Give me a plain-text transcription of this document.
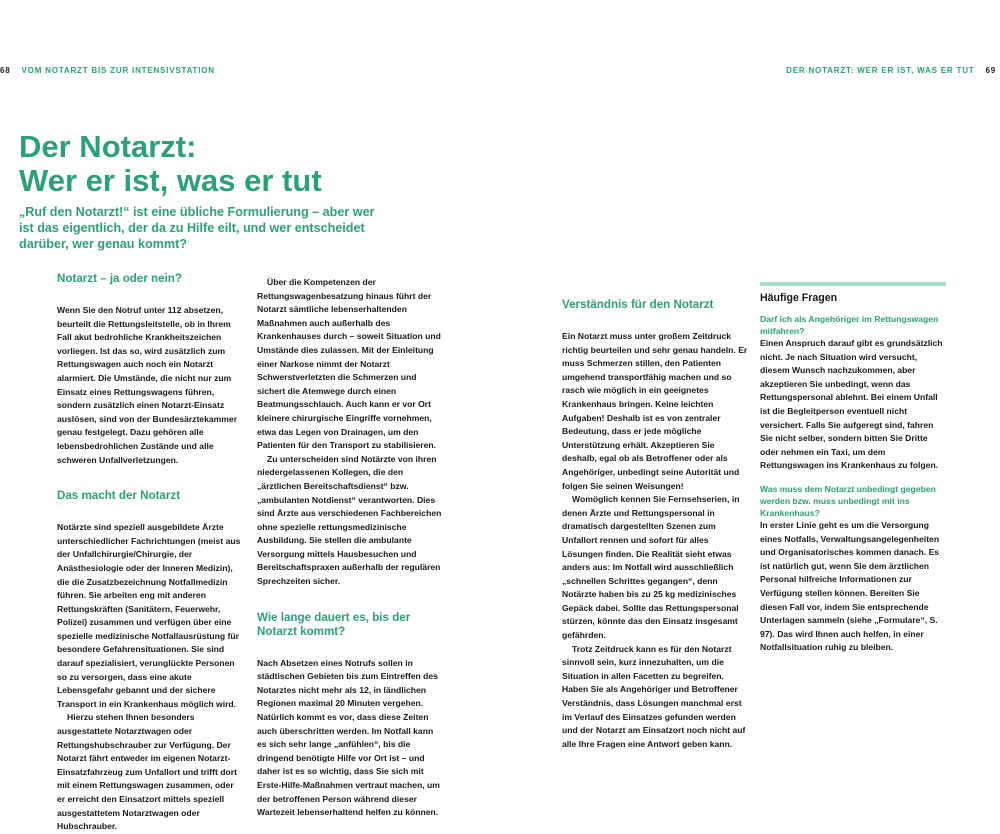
68 VOM NOTARZT BIS ZUR INTENSIVSTATION	DER NOTARZT: WER ER IST, WAS ER TUT 69
Der Notarzt:
Wer er ist, was er tut

„Ruf den Notarzt!“ ist eine übliche Formulierung – aber wer ist das eigentlich, der da zu Hilfe eilt, und wer entscheidet darüber, wer genau kommt?

Notarzt – ja oder nein?

Wenn Sie den Notruf unter 112 absetzen, beurteilt die Rettungsleitstelle, ob in Ihrem Fall akut bedrohliche Krankheitszeichen vorliegen. Ist das so, wird zusätzlich zum Rettungswagen auch noch ein Notarzt alarmiert. Die Umstände, die nicht nur zum Einsatz eines Rettungswagens führen, sondern zusätzlich einen Notarzt-Einsatz auslösen, sind von der Bundesärztekammer genau festgelegt. Dazu gehören alle lebensbedrohlichen Zustände und alle schweren Unfallverletzungen.

Das macht der Notarzt

Notärzte sind speziell ausgebildete Ärzte unterschiedlicher Fachrichtungen (meist aus der Unfallchirurgie/Chirurgie, der Anästhesiologie oder der Inneren Medizin), die die Zusatzbezeichnung Notfallmedizin führen. Sie arbeiten eng mit anderen Rettungskräften (Sanitätern, Feuerwehr, Polizei) zusammen und verfügen über eine spezielle medizinische Notfallausrüstung für besondere Gefahrensituationen. Sie sind darauf spezialisiert, verunglückte Personen so zu versorgen, dass eine akute Lebensgefahr gebannt und der sichere Transport in ein Krankenhaus möglich wird.

Hierzu stehen Ihnen besonders ausgestattete Notarztwagen oder Rettungshubschrauber zur Verfügung. Der Notarzt fährt entweder im eigenen Notarzt-Einsatzfahrzeug zum Unfallort und trifft dort mit einem Rettungswagen zusammen, oder er erreicht den Einsatzort mittels speziell ausgestattetem Notarztwagen oder Hubschrauber.

Über die Kompetenzen der Rettungswagenbesatzung hinaus führt der Notarzt sämtliche lebenserhaltenden Maßnahmen auch außerhalb des Krankenhauses durch – soweit Situation und Umstände dies zulassen. Mit der Einleitung einer Narkose nimmt der Notarzt Schwerstverletzten die Schmerzen und sichert die Atemwege durch einen Beatmungsschlauch. Auch kann er vor Ort kleinere chirurgische Eingriffe vornehmen, etwa das Legen von Drainagen, um den Patienten für den Transport zu stabilisieren.

Zu unterscheiden sind Notärzte von ihren niedergelassenen Kollegen, die den „ärztlichen Bereitschaftsdienst“ bzw. „ambulanten Notdienst“ verantworten. Dies sind Ärzte aus verschiedenen Fachbereichen ohne spezielle rettungsmedizinische Ausbildung. Sie stellen die ambulante Versorgung mittels Hausbesuchen und Bereitschaftspraxen außerhalb der regulären Sprechzeiten sicher.

Wie lange dauert es, bis der Notarzt kommt?

Nach Absetzen eines Notrufs sollen in städtischen Gebieten bis zum Eintreffen des Notarztes nicht mehr als 12, in ländlichen Regionen maximal 20 Minuten vergehen. Natürlich kommt es vor, dass diese Zeiten auch überschritten werden. Im Notfall kann es sich sehr lange „anfühlen“, bis die dringend benötigte Hilfe vor Ort ist – und daher ist es so wichtig, dass Sie sich mit Erste-Hilfe-Maßnahmen vertraut machen, um der betroffenen Person während dieser Wartezeit lebenserhaltend helfen zu können.

Verständnis für den Notarzt

Ein Notarzt muss unter großem Zeitdruck richtig beurteilen und sehr genau handeln. Er muss Schmerzen stillen, den Patienten umgehend transportfähig machen und so rasch wie möglich in ein geeignetes Krankenhaus bringen. Keine leichten Aufgaben! Deshalb ist es von zentraler Bedeutung, dass er jede mögliche Unterstützung erhält. Akzeptieren Sie deshalb, egal ob als Betroffener oder als Angehöriger, unbedingt seine Autorität und folgen Sie seinen Weisungen!

Womöglich kennen Sie Fernsehserien, in denen Ärzte und Rettungspersonal in dramatisch dargestellten Szenen zum Unfallort rennen und sofort für alles Lösungen finden. Die Realität sieht etwas anders aus: Im Notfall wird ausschließlich „schnellen Schrittes gegangen“, denn Notärzte haben bis zu 25 kg medizinisches Gepäck dabei. Sollte das Rettungspersonal stürzen, könnte das den Einsatz insgesamt gefährden.

Trotz Zeitdruck kann es für den Notarzt sinnvoll sein, kurz innezuhalten, um die Situation in allen Facetten zu begreifen. Haben Sie als Angehöriger und Betroffener Verständnis, dass Lösungen manchmal erst im Verlauf des Einsatzes gefunden werden und der Notarzt am Einsatzort noch nicht auf alle Ihre Fragen eine Antwort geben kann.

Häufige Fragen
Darf ich als Angehöriger im Rettungswagen mitfahren?

Einen Anspruch darauf gibt es grundsätzlich nicht. Je nach Situation wird versucht, diesem Wunsch nachzukommen, aber akzeptieren Sie unbedingt, wenn das Rettungspersonal ablehnt. Bei einem Unfall ist die Begleitperson eventuell nicht versichert. Falls Sie aufgeregt sind, fahren Sie nicht selber, sondern bitten Sie Dritte oder nehmen ein Taxi, um dem Rettungswagen ins Krankenhaus zu folgen.

Was muss dem Notarzt unbedingt gegeben werden bzw. muss unbedingt mit ins Krankenhaus?

In erster Linie geht es um die Versorgung eines Notfalls, Verwaltungsangelegenheiten und Organisatorisches kommen danach. Es ist natürlich gut, wenn Sie dem ärztlichen Personal hilfreiche Informationen zur Verfügung stellen können. Bereiten Sie diesen Fall vor, indem Sie entsprechende Unterlagen sammeln (siehe „Formulare“, S. 97). Das wird Ihnen auch helfen, in einer Notfallsituation ruhig zu bleiben.
